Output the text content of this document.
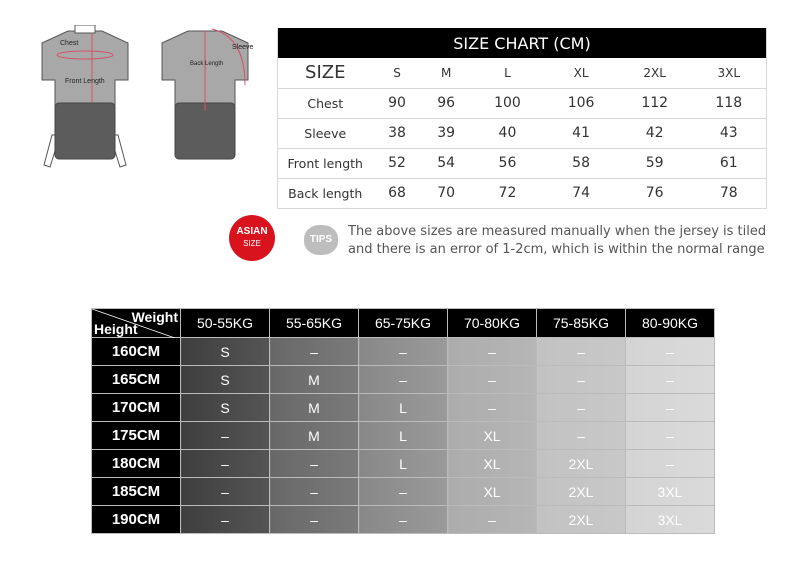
Chest
Front Length
Back Length
Sleeve	SIZE CHART (CM)						
SIZE	S	M	L	XL	2XL	3XL
Chest	90	96	100	106	112	118
Sleeve	38	39	40	41	42	43
Front length	52	54	56	58	59	61
Back length	68	70	72	74	76	78
ASIAN
SIZE	TIPS
The above sizes are measured manually when the jersey is tiled
and there is an error of 1-2cm, which is within the normal range
Weight
Height	50-55KG	55-65KG	65-75KG	70-80KG	75-85KG	80-90KG
160CM	S	–	–	–	–	–
165CM	S	M	–	–	–	–
170CM	S	M	L	–	–	–
175CM	–	M	L	XL	–	–
180CM	–	–	L	XL	2XL	–
185CM	–	–	–	XL	2XL	3XL
190CM	–	–	–	–	2XL	3XL
